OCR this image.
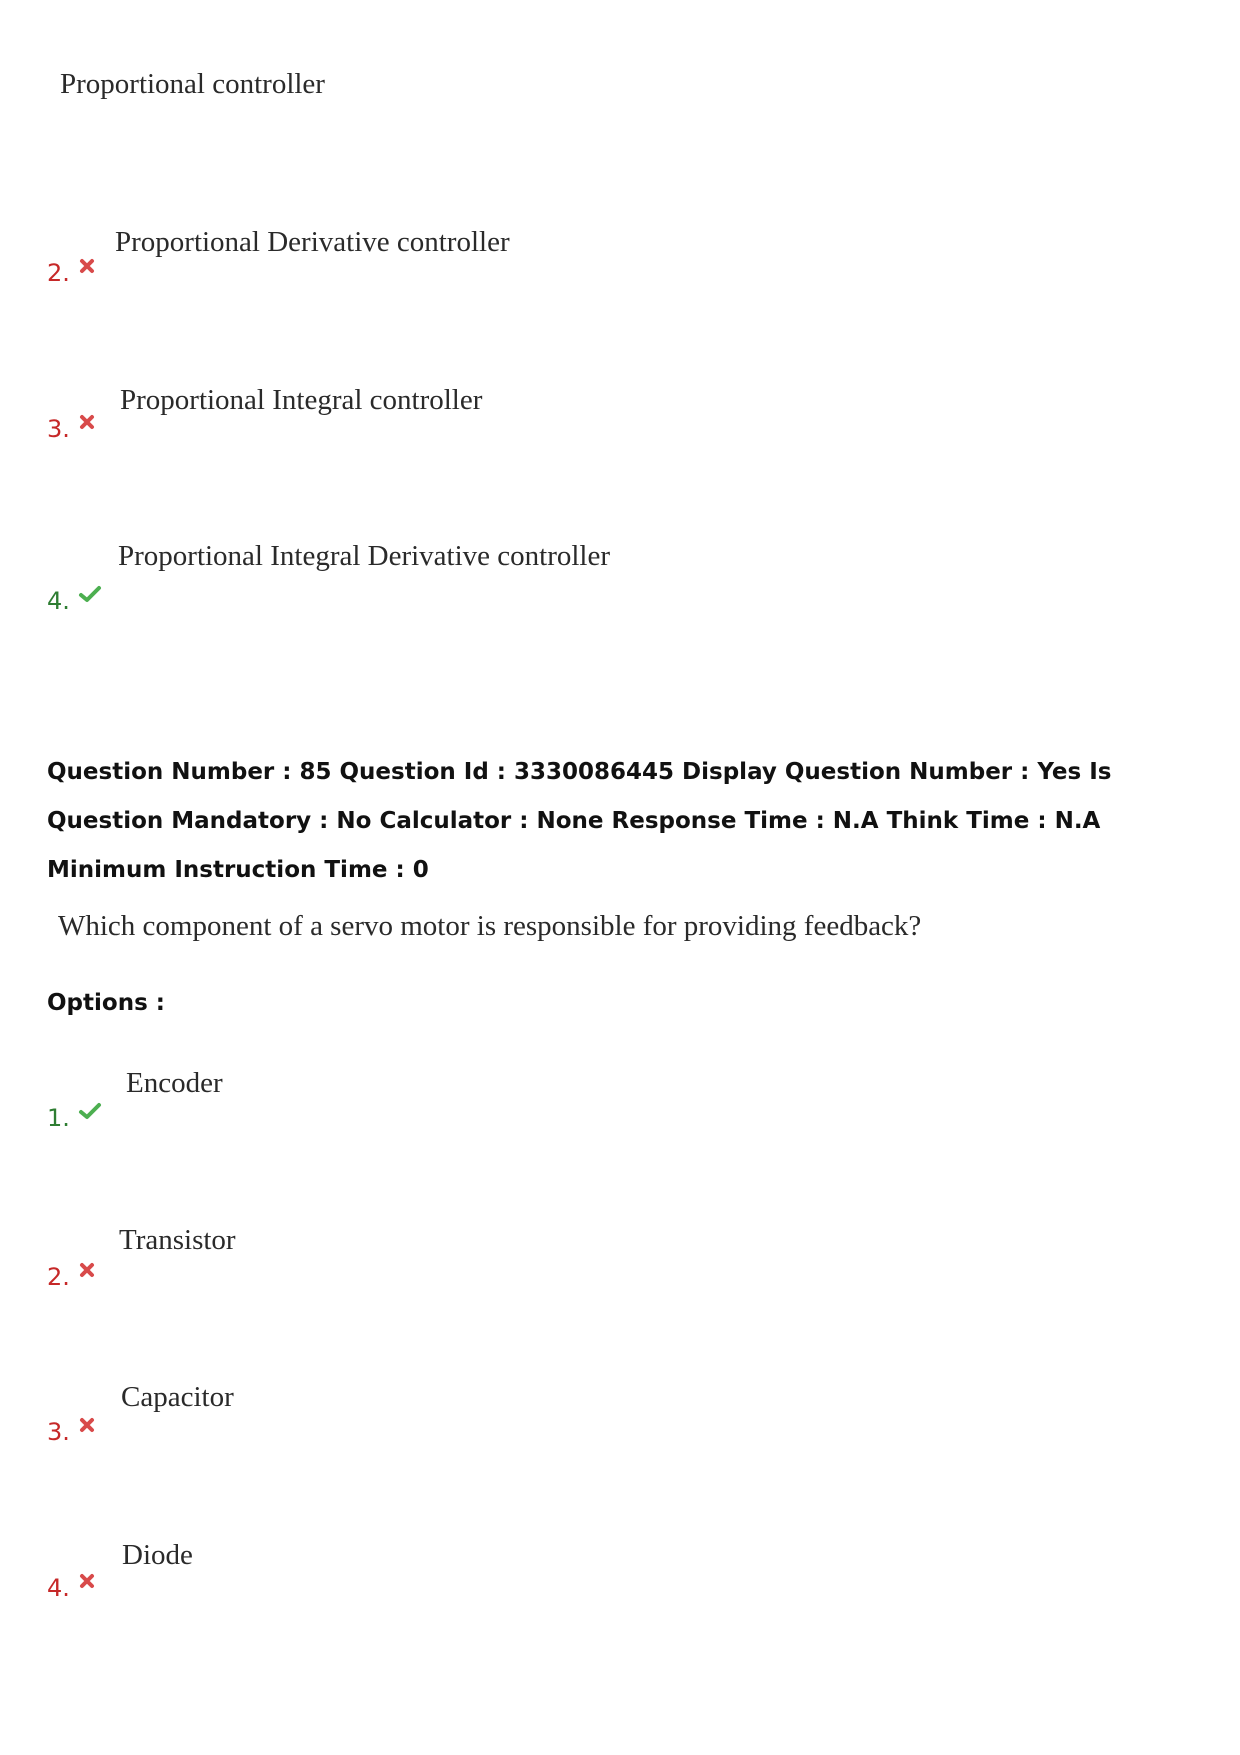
Proportional controller
Proportional Derivative controller
2.
Proportional Integral controller
3.
Proportional Integral Derivative controller
4.
Question Number : 85 Question Id : 3330086445 Display Question Number : Yes Is Question Mandatory : No Calculator : None Response Time : N.A Think Time : N.A Minimum Instruction Time : 0
Which component of a servo motor is responsible for providing feedback?
Options :
Encoder
1.
Transistor
2.
Capacitor
3.
Diode
4.
